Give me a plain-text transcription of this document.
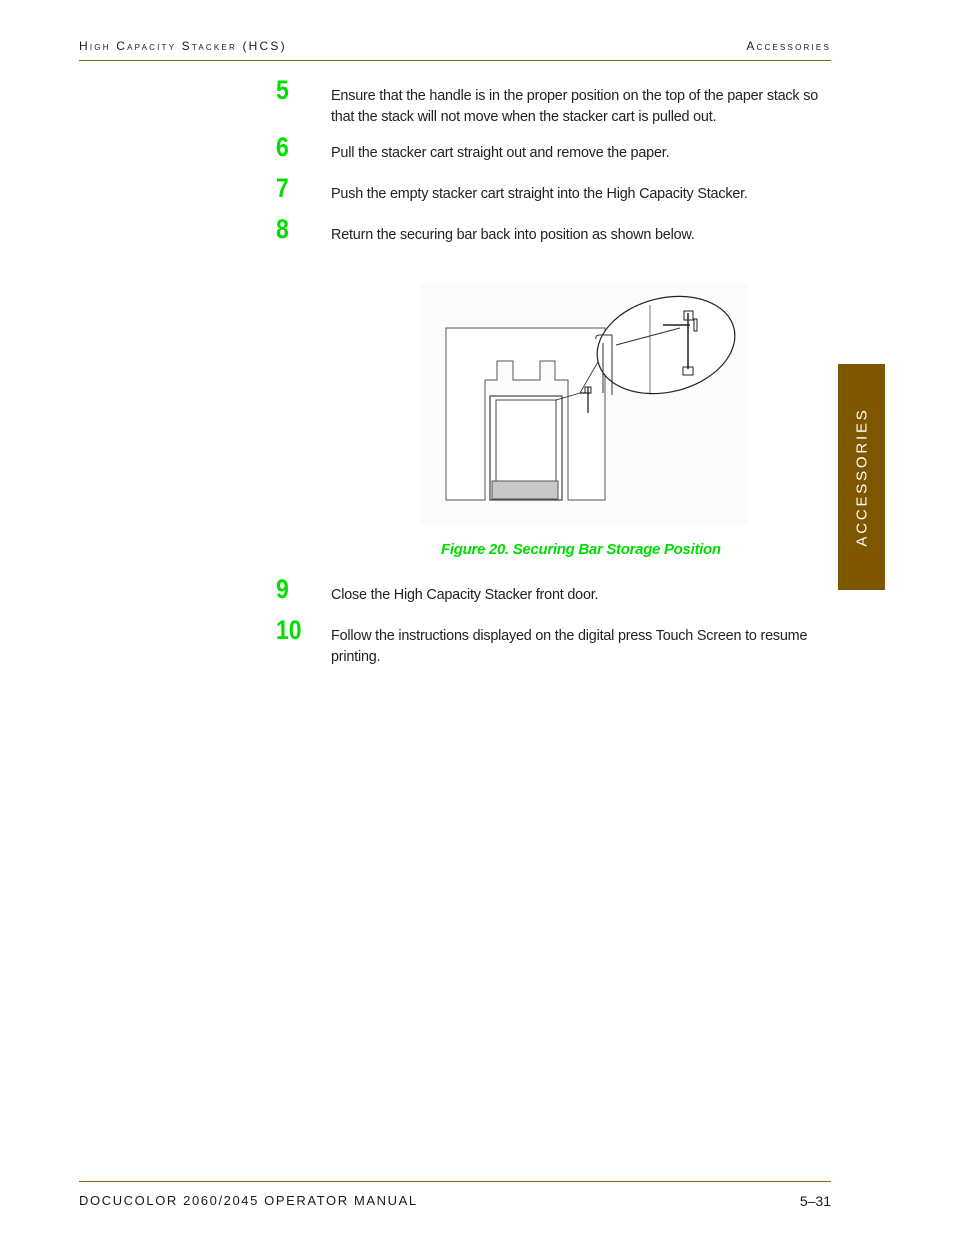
High Capacity Stacker (HCS)	Accessories
ACCESSORIES
5	Ensure that the handle is in the proper position on the top of the paper stack so that the stack will not move when the stacker cart is pulled out.
6	Pull the stacker cart straight out and remove the paper.
7	Push the empty stacker cart straight into the High Capacity Stacker.
8	Return the securing bar back into position as shown below.
Figure 20. Securing Bar Storage Position
9	Close the High Capacity Stacker front door.
10	Follow the instructions displayed on the digital press Touch Screen to resume printing.
DOCUCOLOR 2060/2045 OPERATOR MANUAL	5–31
